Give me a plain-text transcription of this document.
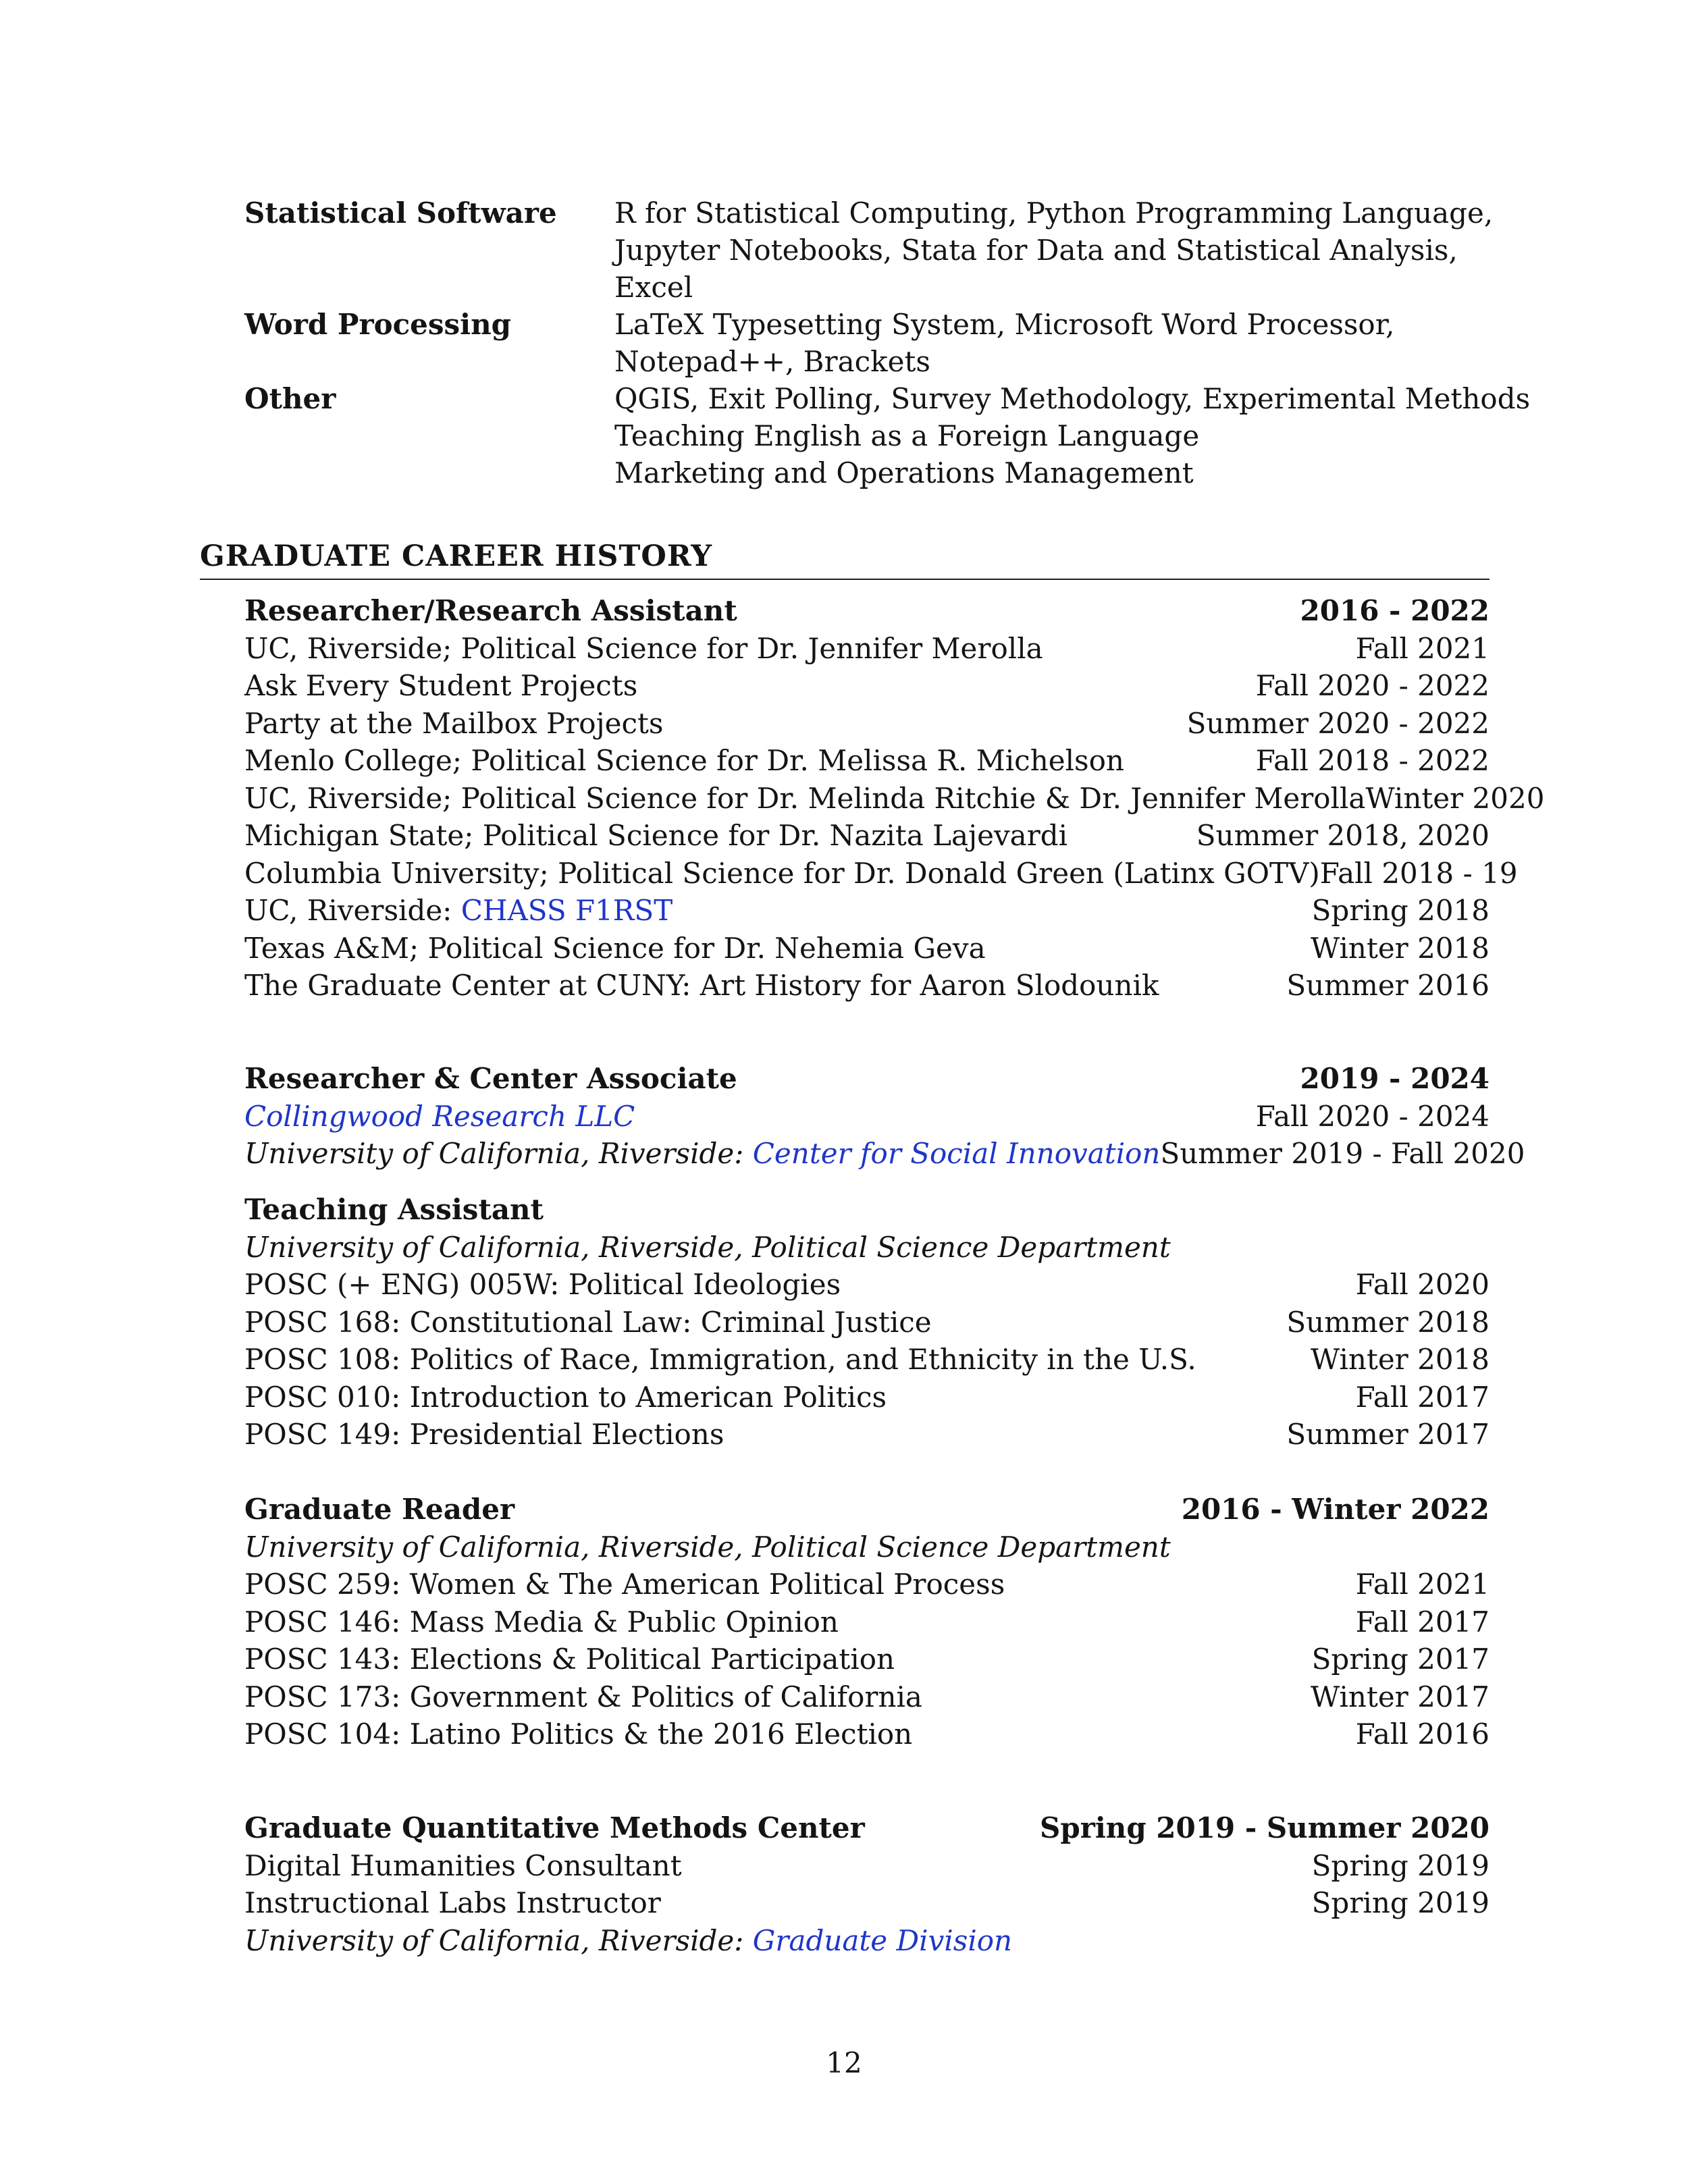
Statistical Software	R for Statistical Computing, Python Programming Language,
Jupyter Notebooks, Stata for Data and Statistical Analysis,
Excel
Word Processing	LaTeX Typesetting System, Microsoft Word Processor,
Notepad++, Brackets
Other	QGIS, Exit Polling, Survey Methodology, Experimental Methods
Teaching English as a Foreign Language
Marketing and Operations Management
GRADUATE CAREER HISTORY
Researcher/Research Assistant	2016 - 2022
UC, Riverside; Political Science for Dr. Jennifer Merolla	Fall 2021
Ask Every Student Projects	Fall 2020 - 2022
Party at the Mailbox Projects	Summer 2020 - 2022
Menlo College; Political Science for Dr. Melissa R. Michelson	Fall 2018 - 2022
UC, Riverside; Political Science for Dr. Melinda Ritchie & Dr. Jennifer Merolla Winter 2020
Michigan State; Political Science for Dr. Nazita Lajevardi	Summer 2018, 2020
Columbia University; Political Science for Dr. Donald Green (Latinx GOTV) Fall 2018 - 19
UC, Riverside: CHASS F1RST	Spring 2018
Texas A&M; Political Science for Dr. Nehemia Geva	Winter 2018
The Graduate Center at CUNY: Art History for Aaron Slodounik	Summer 2016
Researcher & Center Associate	2019 - 2024
Collingwood Research LLC	Fall 2020 - 2024
University of California, Riverside: Center for Social Innovation Summer 2019 - Fall 2020
Teaching Assistant
University of California, Riverside, Political Science Department
POSC (+ ENG) 005W: Political Ideologies	Fall 2020
POSC 168: Constitutional Law: Criminal Justice	Summer 2018
POSC 108: Politics of Race, Immigration, and Ethnicity in the U.S.	Winter 2018
POSC 010: Introduction to American Politics	Fall 2017
POSC 149: Presidential Elections	Summer 2017
Graduate Reader	2016 - Winter 2022
University of California, Riverside, Political Science Department
POSC 259: Women & The American Political Process	Fall 2021
POSC 146: Mass Media & Public Opinion	Fall 2017
POSC 143: Elections & Political Participation	Spring 2017
POSC 173: Government & Politics of California	Winter 2017
POSC 104: Latino Politics & the 2016 Election	Fall 2016
Graduate Quantitative Methods Center	Spring 2019 - Summer 2020
Digital Humanities Consultant	Spring 2019
Instructional Labs Instructor	Spring 2019
University of California, Riverside: Graduate Division
12
